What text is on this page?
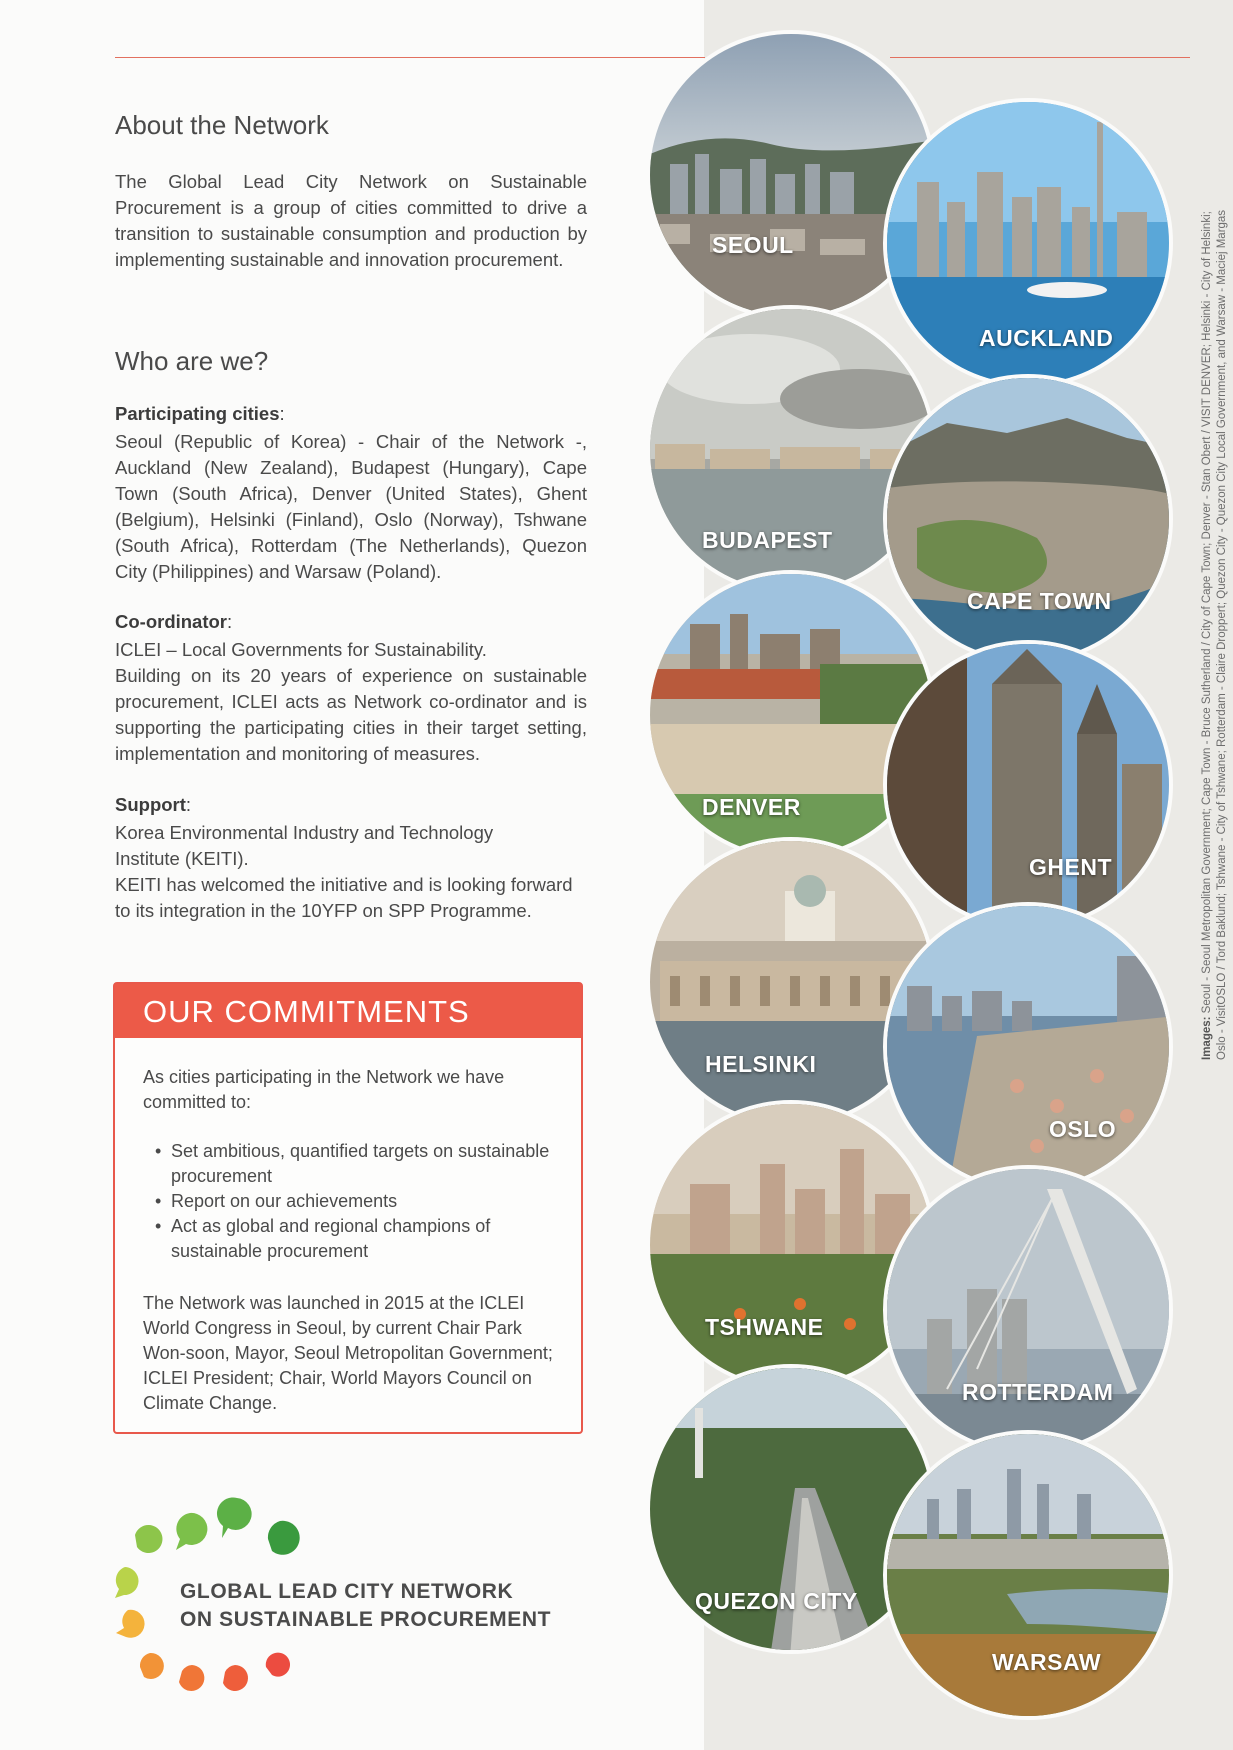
About the Network

The Global Lead City Network on Sustainable Procurement is a group of cities committed to drive a transition to sustainable consumption and production by implementing sustainable and innovation procurement.

Who are we?

Participating cities:

Seoul (Republic of Korea) - Chair of the Network -, Auckland (New Zealand), Budapest (Hungary), Cape Town (South Africa), Denver (United States), Ghent (Belgium), Helsinki (Finland), Oslo (Norway), Tshwane (South Africa), Rotterdam (The Netherlands), Quezon City (Philippines) and Warsaw (Poland).

Co-ordinator:

ICLEI – Local Governments for Sustainability.

Building on its 20 years of experience on sustainable procurement, ICLEI acts as Network co-ordinator and is supporting the participating cities in their target setting, implementation and monitoring of measures.

Support:

Korea Environmental Industry and Technology Institute (KEITI).

KEITI has welcomed the initiative and is looking forward to its integration in the 10YFP on SPP Programme.

OUR COMMITMENTS

As cities participating in the Network we have committed to:

• Set ambitious, quantified targets on sustainable procurement
• Report on our achievements
• Act as global and regional champions of sustainable procurement

The Network was launched in 2015 at the ICLEI World Congress in Seoul, by current Chair Park Won-soon, Mayor, Seoul Metropolitan Government; ICLEI President; Chair, World Mayors Council on Climate Change.

GLOBAL LEAD CITY NETWORK
ON SUSTAINABLE PROCUREMENT

SEOUL
AUCKLAND
BUDAPEST
CAPE TOWN
DENVER
GHENT
HELSINKI
OSLO
TSHWANE
ROTTERDAM
QUEZON CITY
WARSAW

Images: Seoul - Seoul Metropolitan Government; Cape Town - Bruce Sutherland / City of Cape Town; Denver - Stan Obert / VISIT DENVER; Helsinki - City of Helsinki; Oslo - VisitOSLO / Tord Baklund; Tshwane - City of Tshwane; Rotterdam - Claire Droppert; Quezon City - Quezon City Local Government, and Warsaw - Maciej Margas
